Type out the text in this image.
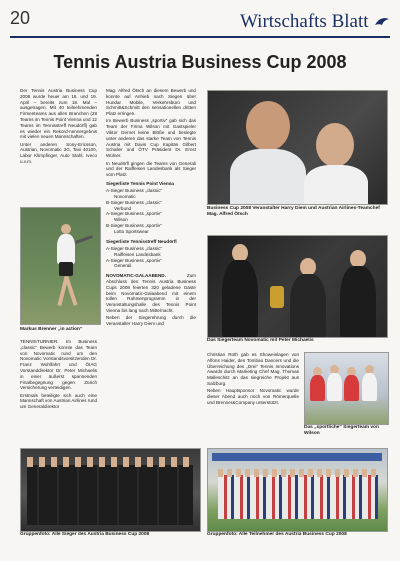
20	Wirtschafts Blatt
Tennis Austria Business Cup 2008

Der Tennis Austria Business Cup 2008 wurde heuer am 18. und 19. April – bereits zum 18. Mal – ausgetragen. Mit 40 teilnehmenden Firmenteams aus allen Branchen (28 Teams im Tennis Point Vienna und 12 Teams im Tennisstreff Neudörfl) gab es wieder ein Rekord-nennergebnis mit vielen neuen Mannschaften.

Unter anderen Sony-Ericsson, Austrian, Novomatic 3G, Taxi 40100, Labor Klimpfinger, Auto Stahl, Iveco u.v.m.

Markus Brenner „in action“

TENNISTURNIER. Im Business „classic“ Bewerb konnte das Team von Novomatic rund um den Novomatic Vorstandsvorsitzenden Dr. Franz Wohlfahrt und ÖIAG Vorstanddirektor Dr. Peter Michaelis in einer äußerst spannenden Finalbegegnung gegen Zürich Versicherung verteidigen.

Erstmals beteiligte sich auch eine Mannschaft von Austrian Airlines rund um Generaldirektor

Mag. Alfred Ötsch an diesem Bewerb und konnte auf Anhieb nach Siegen über Hundar Mobile, Verkehrsbüro und Schmitt&Schmitt den sensationellen dritten Platz erringen.

Im Bewerb Business „sportiv“ gab sich das Team der Firma Wilson mit Gastspieler Viktor Gernet keine Blöße und besiegte unter anderen das starke Team von Tennis Austria mit Davis Cup Kapitän Gilbert Schaller und ÖTV Präsident Dr. Ernst Wolner.

In Neudörfl gingen die Teams von Generali und der Raiffeisen Landesbank als Sieger vom Platz.

Siegerliste Tennis Point Vienna

A-Sieger Business „classic“
Novomatic
B-Sieger Business „classic“
Verbund
A-Sieger Business „sportiv“
Wilson
B-Sieger Business „sportiv“
Lotto Sportswear

Siegerliste Tennisstreff Neudörfl

A-Sieger Business „classic“
Raiffeisen Landesbank
A-Sieger Business „sportiv“
Generali

NOVOMATIC-GALAABEND.	Zum Abschluss des Tennis Austria Business Cups 2008 feierten 320 geladene Gäste beim Novomatic-Galaabend mit einem tollen Rahmenprogramm in der Veranstaltungshalle des Tennis Point Vienna bis lang nach Mitternacht.

Neben der Siegerehrung durch die Veranstalter Harry Diem und

Business Cup 2008 Veranstalter Harry Diem und Austrian Airlines-Teamchef Mag. Alfred Ötsch
Das Siegerteam Novomatic mit Peter Michaelis

Christian Roth gab es Showeinlagen von Alfons Haider, den Tombao Dancers und die Überreichung des „Drei“ Tennis Innovations Awards durch Marketing Chef Mag. Thomas Malleschitz an das siegreiche Projekt aus Salzburg.

Neben Hauptsponsor Novomatic wurde dieser Abend auch noch von Römerquelle und Brenner&Company unterstützt.

Das „sportliche“ Siegerteam von Wilson
Gruppenfoto: Alle Sieger des Austria Business Cup 2008	Gruppenfoto: Alle Teilnehmer des Austria Business Cup 2008
